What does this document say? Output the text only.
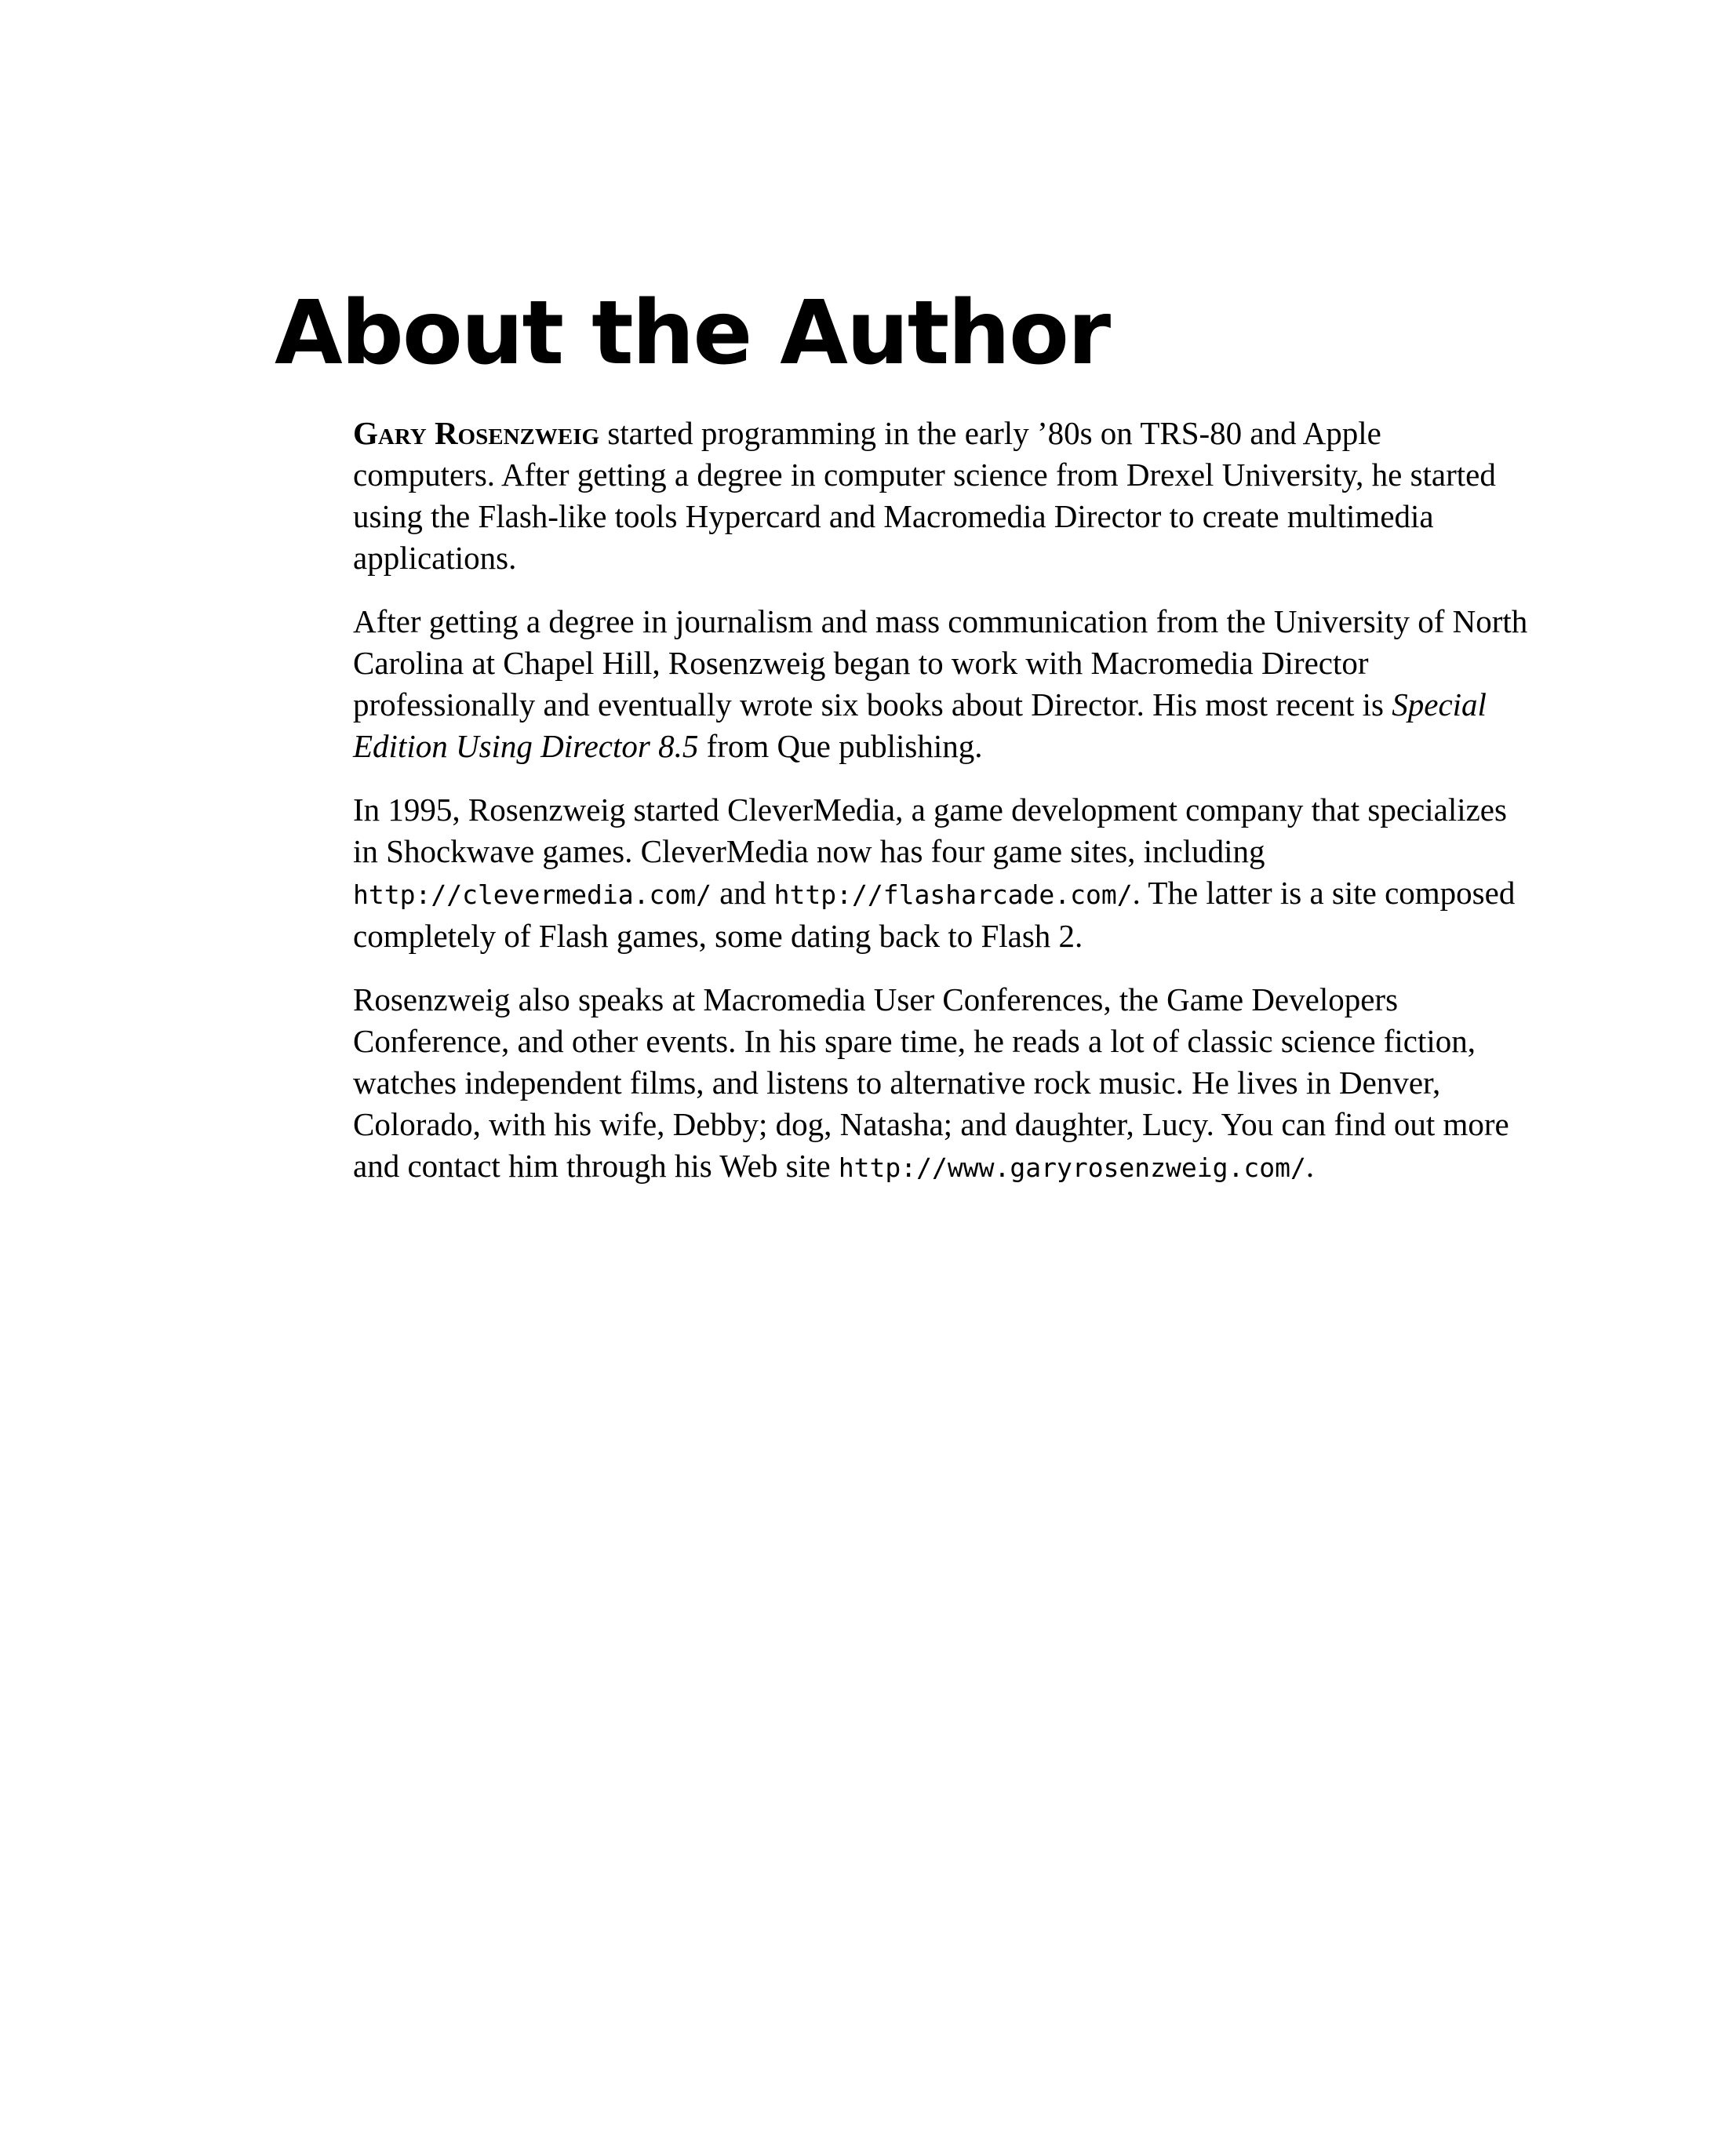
About the Author

Gary Rosenzweig started programming in the early ’80s on TRS-80 and Apple computers. After getting a degree in computer science from Drexel University, he started using the Flash-like tools Hypercard and Macromedia Director to create multimedia applications.

After getting a degree in journalism and mass communication from the University of North Carolina at Chapel Hill, Rosenzweig began to work with Macromedia Director professionally and eventually wrote six books about Director. His most recent is Special Edition Using Director 8.5 from Que publishing.

In 1995, Rosenzweig started CleverMedia, a game development company that specializes in Shockwave games. CleverMedia now has four game sites, including http://clevermedia.com/ and http://flasharcade.com/. The latter is a site composed completely of Flash games, some dating back to Flash 2.

Rosenzweig also speaks at Macromedia User Conferences, the Game Developers Conference, and other events. In his spare time, he reads a lot of classic science fiction, watches independent films, and listens to alternative rock music. He lives in Denver, Colorado, with his wife, Debby; dog, Natasha; and daughter, Lucy. You can find out more and contact him through his Web site http://www.garyrosenzweig.com/.
